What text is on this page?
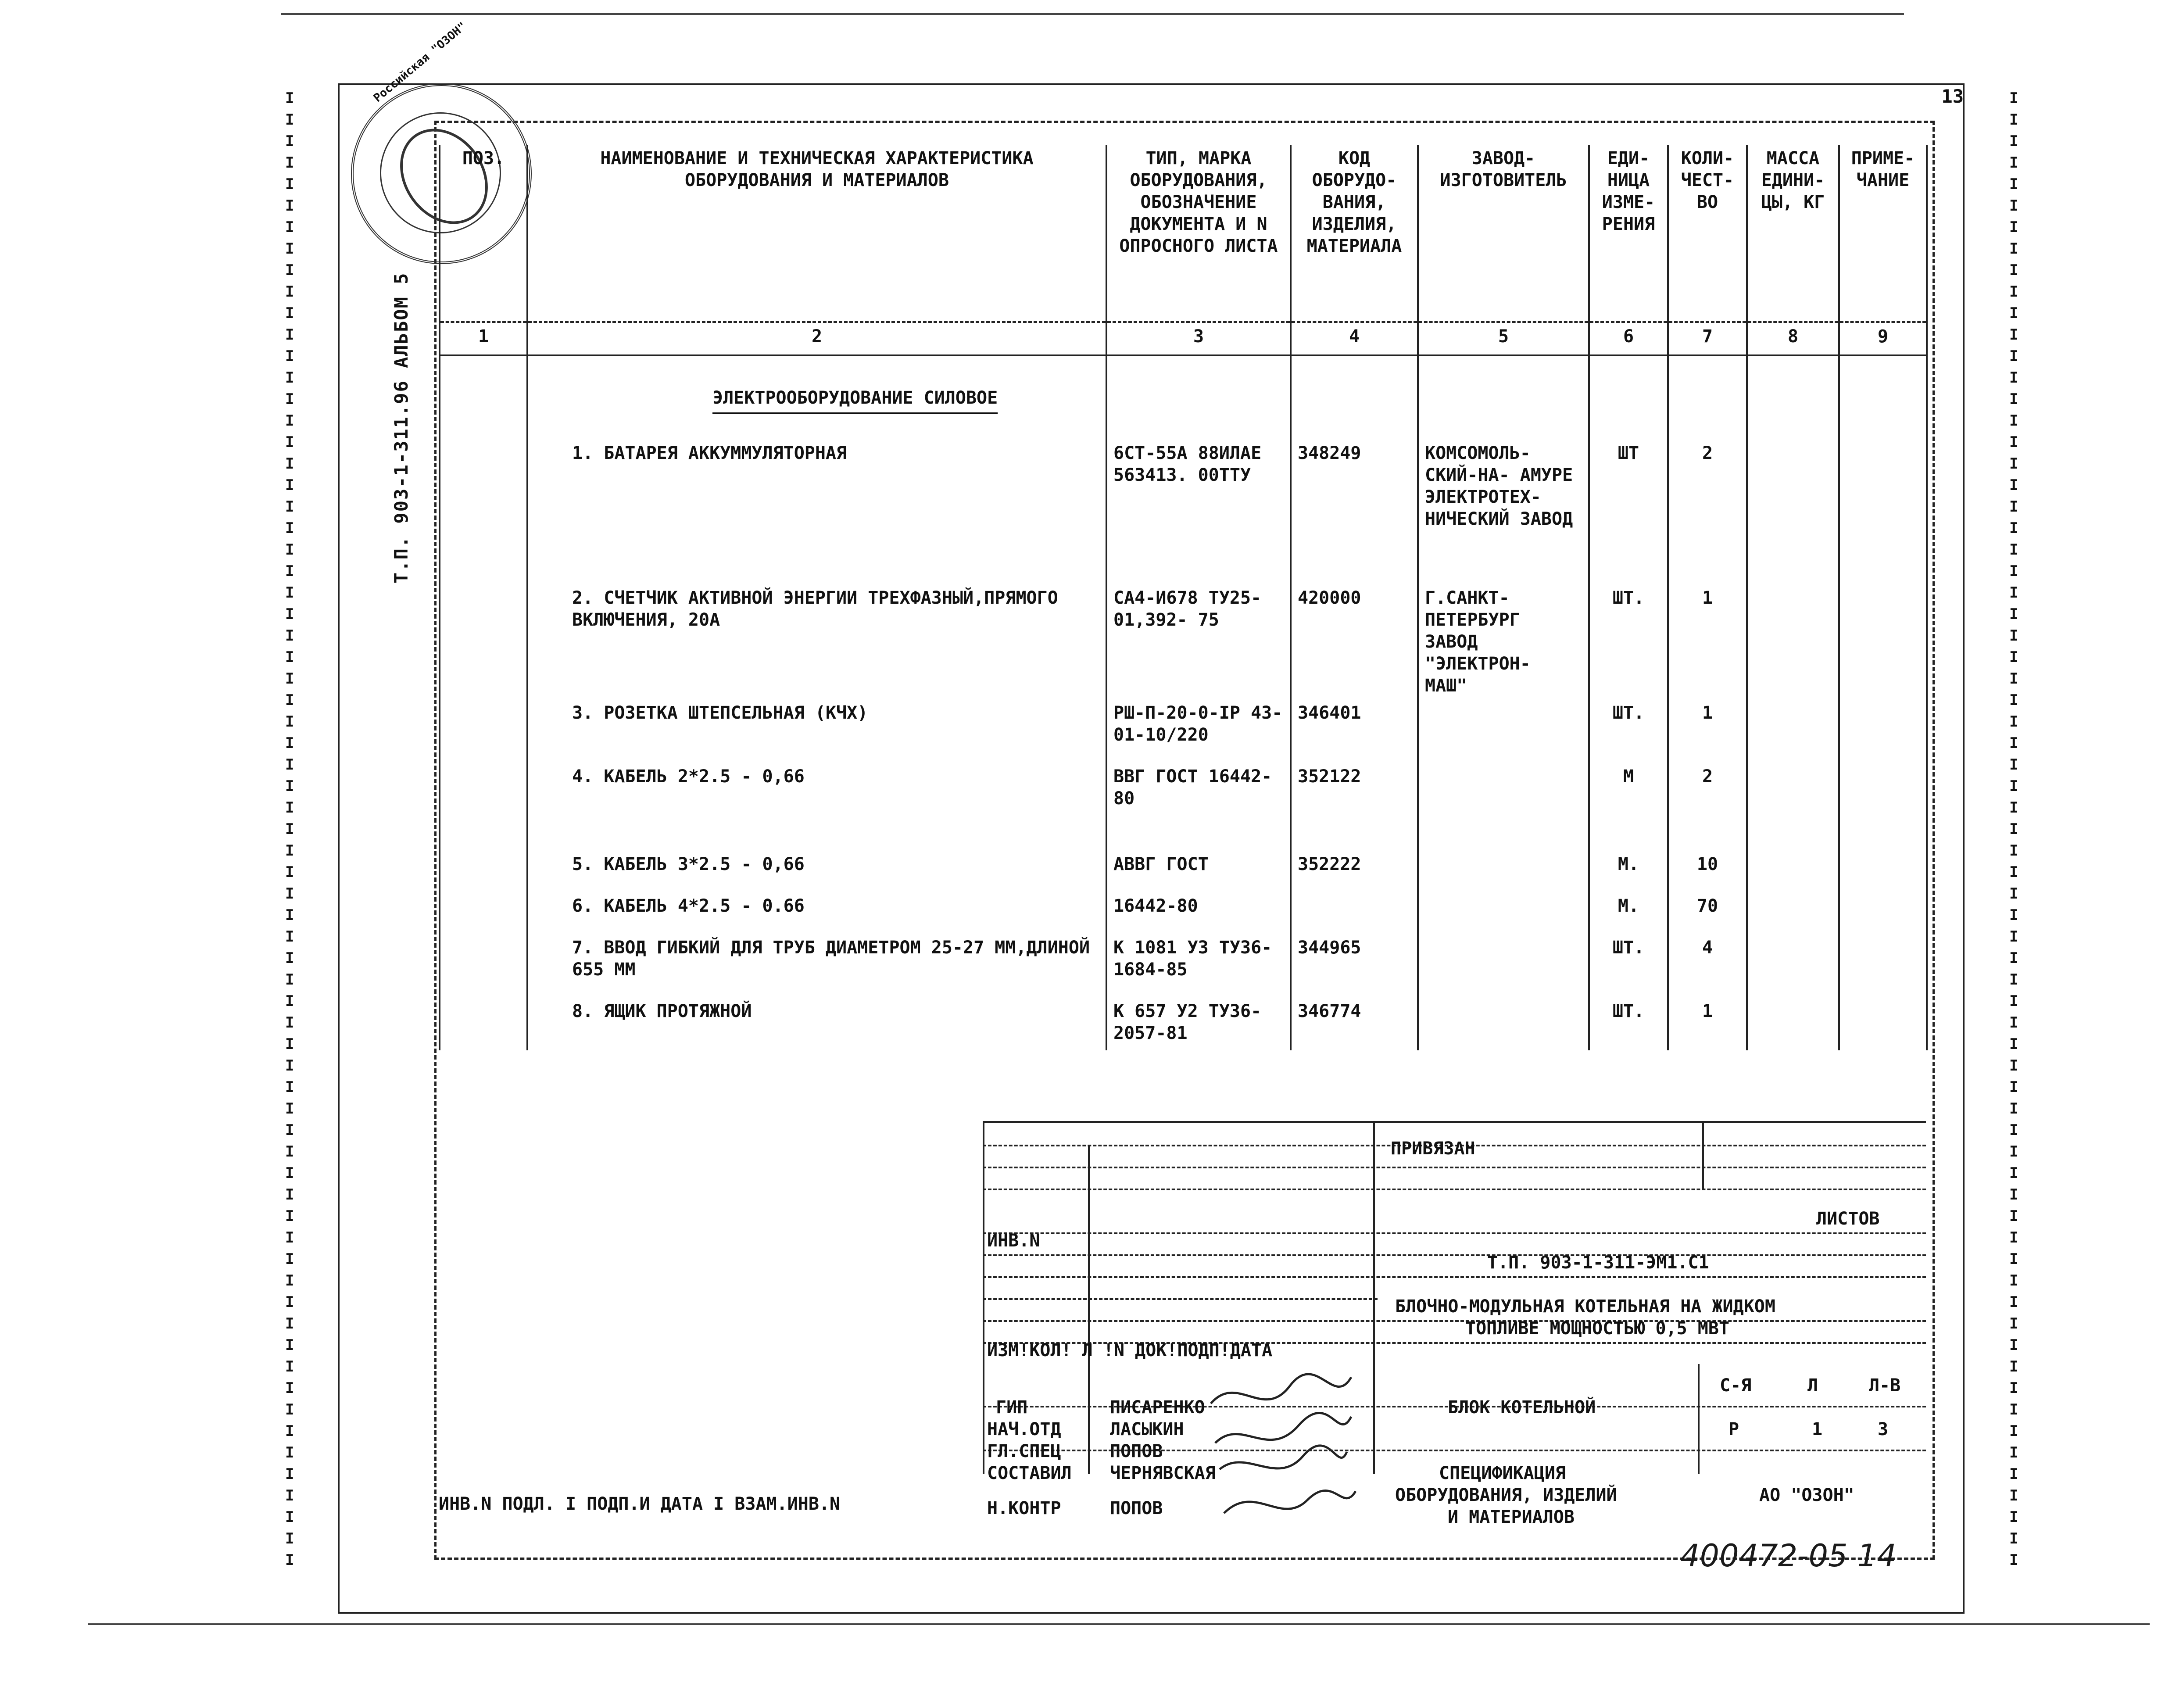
I
I
I
I
I
I
I
I
I
I
I
I
I
I
I
I
I
I
I
I
I
I
I
I
I
I
I
I
I
I
I
I
I
I
I
I
I
I
I
I
I
I
I
I
I
I
I
I
I
I
I
I
I
I
I
I
I
I
I
I
I
I
I
I
I
I
I
I
I
I
I
I
I
I
I
I
I
I
I
I
I
I
I
I
I
I
I
I
I
I
I
I
I
I
I
I
I
I
I
I
I
I
I
I
I
I
I
I
I
I
I
I
I
I
I
I
I
I
I
I
I
I
I
I
I
I
I
I
I
I
I
I
I
I
I
I
I
I
13
Российская "ОЗОН"
Т.П. 903-1-311.96 АЛЬБОМ 5
ПОЗ.	НАИМЕНОВАНИЕ И ТЕХНИЧЕСКАЯ ХАРАКТЕРИСТИКА ОБОРУДОВАНИЯ И МАТЕРИАЛОВ	ТИП, МАРКА ОБОРУДОВАНИЯ, ОБОЗНАЧЕНИЕ ДОКУМЕНТА И N ОПРОСНОГО ЛИСТА	КОД ОБОРУДО- ВАНИЯ, ИЗДЕЛИЯ, МАТЕРИАЛА	ЗАВОД- ИЗГОТОВИТЕЛЬ	ЕДИ- НИЦА ИЗМЕ- РЕНИЯ	КОЛИ- ЧЕСТ- ВО	МАССА ЕДИНИ- ЦЫ, КГ	ПРИМЕ- ЧАНИЕ
1	2	3	4	5	6	7	8	9
	ЭЛЕКТРООБОРУДОВАНИЕ СИЛОВОЕ							
	1. БАТАРЕЯ АККУММУЛЯТОРНАЯ	6СТ-55А 88ИЛАЕ 563413. 00ТТУ	348249	КОМСОМОЛЬ- СКИЙ-НА- АМУРЕ ЭЛЕКТРОТЕХ- НИЧЕСКИЙ ЗАВОД	ШТ	2		
	2. СЧЕТЧИК АКТИВНОЙ ЭНЕРГИИ ТРЕХФАЗНЫЙ,ПРЯМОГО ВКЛЮЧЕНИЯ, 20А	СА4-И678 ТУ25-01,392- 75	420000	Г.САНКТ- ПЕТЕРБУРГ ЗАВОД "ЭЛЕКТРОН- МАШ"	ШТ.	1		
	3. РОЗЕТКА ШТЕПСЕЛЬНАЯ (КЧХ)	РШ-П-20-0-IP 43-01-10/220	346401		ШТ.	1		
	4. КАБЕЛЬ 2*2.5 - 0,66	ВВГ ГОСТ 16442-80	352122		М	2		
	5. КАБЕЛЬ 3*2.5 - 0,66	АВВГ ГОСТ	352222		М.	10		
	6. КАБЕЛЬ 4*2.5 - 0.66	16442-80			М.	70		
	7. ВВОД ГИБКИЙ ДЛЯ ТРУБ ДИАМЕТРОМ 25-27 ММ,ДЛИНОЙ 655 ММ	К 1081 У3 ТУ36-1684-85	344965		ШТ.	4		
	8. ЯЩИК ПРОТЯЖНОЙ	К 657 У2 ТУ36-2057-81	346774		ШТ.	1		
ПРИВЯЗАН
ЛИСТОВ
ИНВ.N
Т.П. 903-1-311-ЭМ1.С1
БЛОЧНО-МОДУЛЬНАЯ КОТЕЛЬНАЯ НА ЖИДКОМ
ТОПЛИВЕ МОЩНОСТЬЮ 0,5 МВТ
ИЗМ!КОЛ! Л !N ДОК!ПОДП!ДАТА
БЛОК КОТЕЛЬНОЙ
С-Я	Л	Л-В
Р	1	3
ГИП	ПИСАРЕНКО
НАЧ.ОТД	ЛАСЫКИН
ГЛ.СПЕЦ	ПОПОВ
СОСТАВИЛ ЧЕРНЯВСКАЯ
Н.КОНТР	ПОПОВ
СПЕЦИФИКАЦИЯ
ОБОРУДОВАНИЯ, ИЗДЕЛИЙ
И МАТЕРИАЛОВ
АО "ОЗОН"
ИНВ.N ПОДЛ. I ПОДП.И ДАТА I ВЗАМ.ИНВ.N
400472-05 14
